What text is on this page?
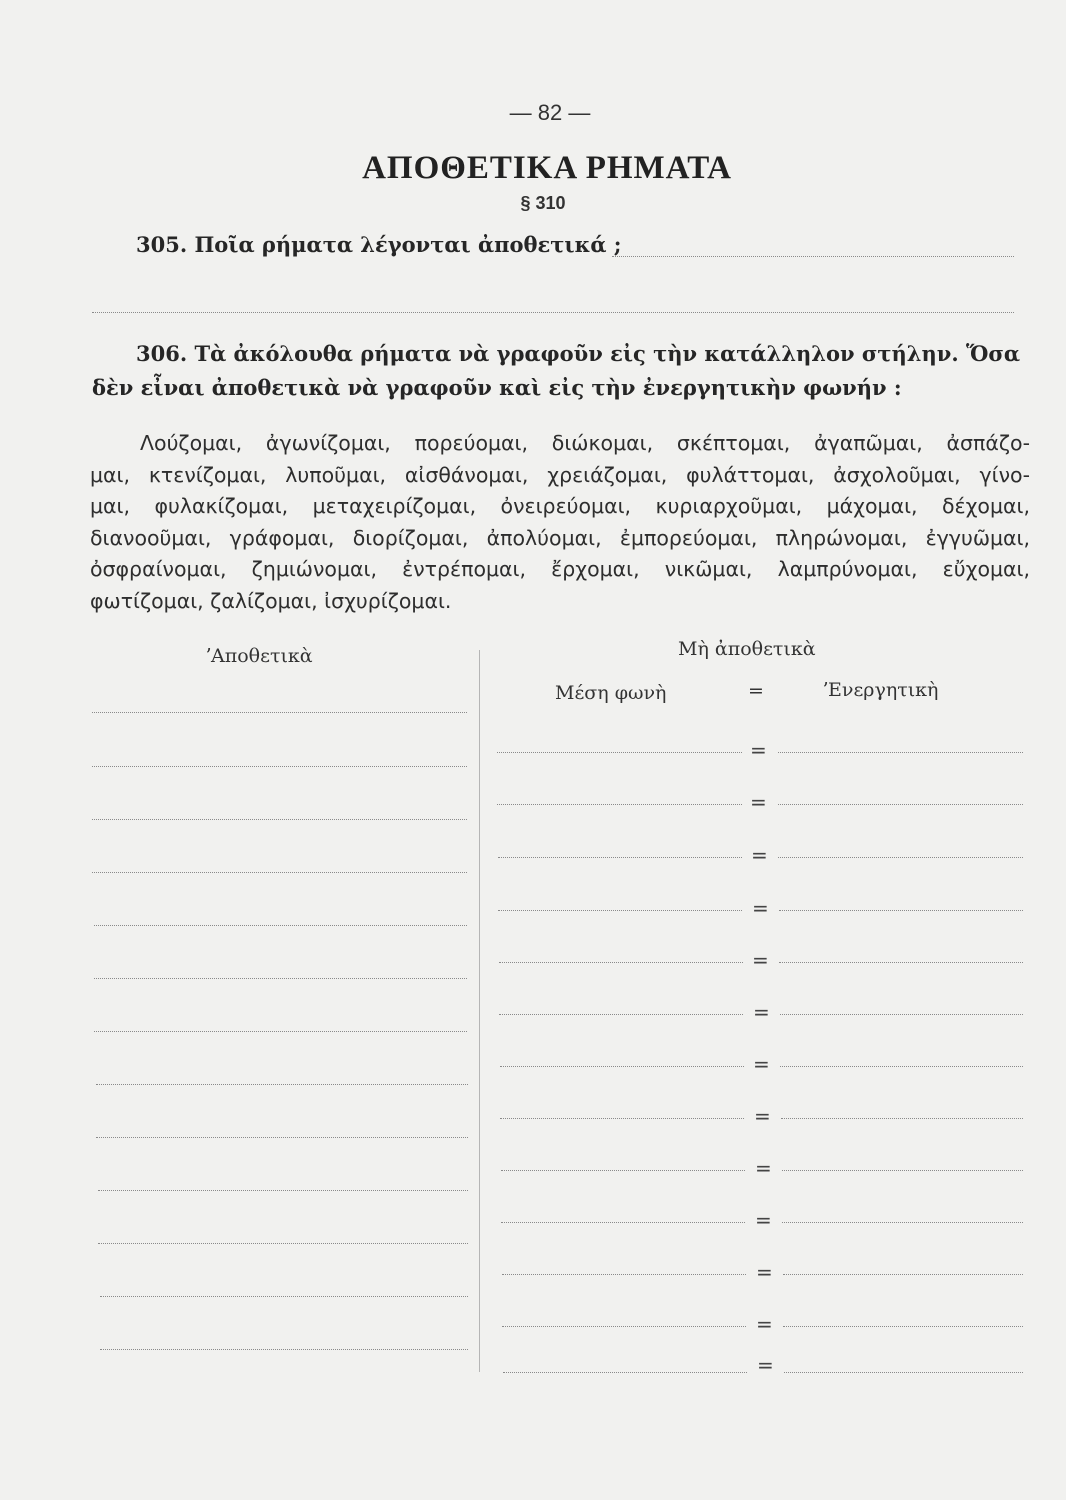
— 82 —
ΑΠΟΘΕΤΙΚΑ ΡΗΜΑΤΑ
§ 310
305. Ποῖα ρήματα λέγονται ἀποθετικά ;
306. Τὰ ἀκόλουθα ρήματα νὰ γραφοῦν εἰς τὴν κατάλληλον στήλην. Ὅσα
δὲν εἶναι ἀποθετικὰ νὰ γραφοῦν καὶ εἰς τὴν ἐνεργητικὴν φωνήν :
Λούζομαι, ἀγωνίζομαι, πορεύομαι, διώκομαι, σκέπτομαι, ἀγαπῶμαι, ἀσπάζο-
μαι, κτενίζομαι, λυποῦμαι, αἰσθάνομαι, χρειάζομαι, φυλάττομαι, ἀσχολοῦμαι, γίνο-
μαι, φυλακίζομαι, μεταχειρίζομαι, ὀνειρεύομαι, κυριαρχοῦμαι, μάχομαι, δέχομαι,
διανοοῦμαι, γράφομαι, διορίζομαι, ἀπολύομαι, ἐμπορεύομαι, πληρώνομαι, ἐγγυῶμαι,
ὀσφραίνομαι, ζημιώνομαι, ἐντρέπομαι, ἔρχομαι, νικῶμαι, λαμπρύνομαι, εὔχομαι,
φωτίζομαι, ζαλίζομαι, ἰσχυρίζομαι.
ʼΑποθετικὰ	Μὴ ἀποθετικὰ
Μέση φωνὴ	=	ʼΕνεργητικὴ
=
=
=
=
=
=
=
=
=
=
=
=
=
